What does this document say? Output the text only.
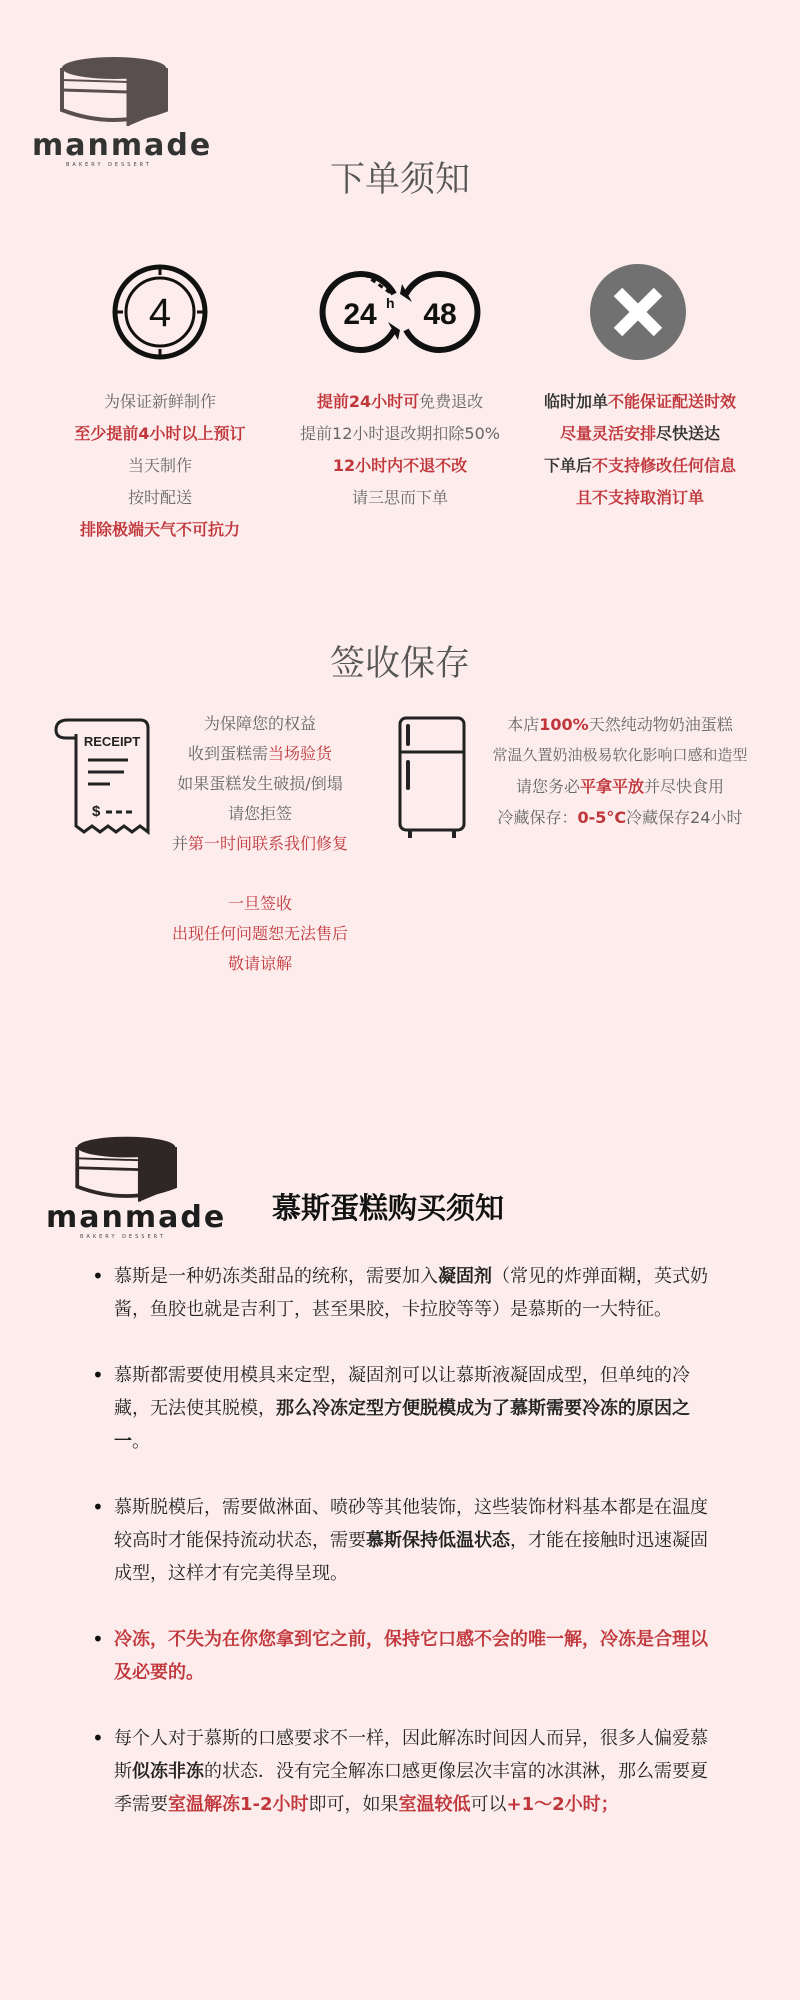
manmade
BAKERY DESSERT	下单须知
4	24 h 48

为保证新鲜制作

至少提前4小时以上预订

当天制作

按时配送

排除极端天气不可抗力

提前24小时可免费退改

提前12小时退改期扣除50%

12小时内不退不改

请三思而下单

临时加单不能保证配送时效

尽量灵活安排尽快送达

下单后不支持修改任何信息

且不支持取消订单

签收保存
RECEIPT
$

为保障您的权益

收到蛋糕需当场验货

如果蛋糕发生破损/倒塌

请您拒签

并第一时间联系我们修复

一旦签收

出现任何问题恕无法售后

敬请谅解

本店100%天然纯动物奶油蛋糕

常温久置奶油极易软化影响口感和造型

请您务必平拿平放并尽快食用

冷藏保存：0-5°C冷藏保存24小时

manmade
BAKERY DESSERT
慕斯蛋糕购买须知
• 慕斯是一种奶冻类甜品的统称，需要加入凝固剂（常见的炸弹面糊，英式奶酱，鱼胶也就是吉利丁，甚至果胶，卡拉胶等等）是慕斯的一大特征。
• 慕斯都需要使用模具来定型，凝固剂可以让慕斯液凝固成型，但单纯的冷藏，无法使其脱模，那么冷冻定型方便脱模成为了慕斯需要冷冻的原因之一。
• 慕斯脱模后，需要做淋面、喷砂等其他装饰，这些装饰材料基本都是在温度较高时才能保持流动状态，需要慕斯保持低温状态，才能在接触时迅速凝固成型，这样才有完美得呈现。
• 冷冻，不失为在你您拿到它之前，保持它口感不会的唯一解，冷冻是合理以及必要的。
• 每个人对于慕斯的口感要求不一样，因此解冻时间因人而异，很多人偏爱慕斯似冻非冻的状态．没有完全解冻口感更像层次丰富的冰淇淋，那么需要夏季需要室温解冻1-2小时即可，如果室温较低可以+1～2小时；
